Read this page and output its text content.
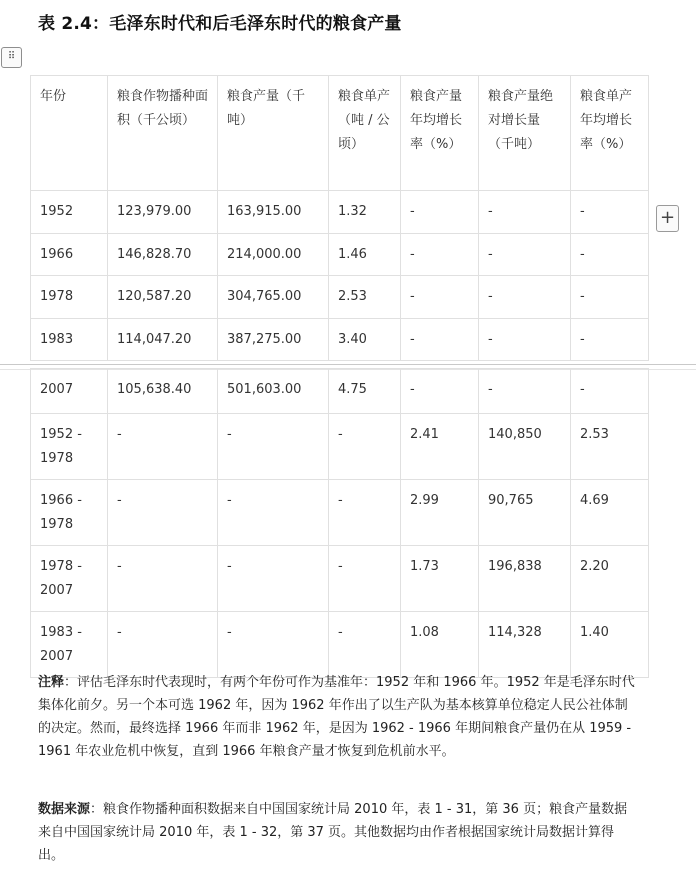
表 2.4：毛泽东时代和后毛泽东时代的粮食产量
⠿
+
年份	粮食作物播种面积（千公顷）	粮食产量（千吨）	粮食单产（吨 / 公顷）	粮食产量年均增长率（%）	粮食产量绝对增长量（千吨）	粮食单产年均增长率（%）
1952	123,979.00	163,915.00	1.32	-	-	-
1966	146,828.70	214,000.00	1.46	-	-	-
1978	120,587.20	304,765.00	2.53	-	-	-
1983	114,047.20	387,275.00	3.40	-	-	-
2007	105,638.40	501,603.00	4.75	-	-	-
1952 - 1978	-	-	-	2.41	140,850	2.53
1966 - 1978	-	-	-	2.99	90,765	4.69
1978 - 2007	-	-	-	1.73	196,838	2.20
1983 - 2007	-	-	-	1.08	114,328	1.40
注释：评估毛泽东时代表现时，有两个年份可作为基准年：1952 年和 1966 年。1952 年是毛泽东时代集体化前夕。另一个本可选 1962 年，因为 1962 年作出了以生产队为基本核算单位稳定人民公社体制的决定。然而，最终选择 1966 年而非 1962 年，是因为 1962 - 1966 年期间粮食产量仍在从 1959 - 1961 年农业危机中恢复，直到 1966 年粮食产量才恢复到危机前水平。
数据来源：粮食作物播种面积数据来自中国国家统计局 2010 年，表 1 - 31，第 36 页；粮食产量数据来自中国国家统计局 2010 年，表 1 - 32，第 37 页。其他数据均由作者根据国家统计局数据计算得出。
